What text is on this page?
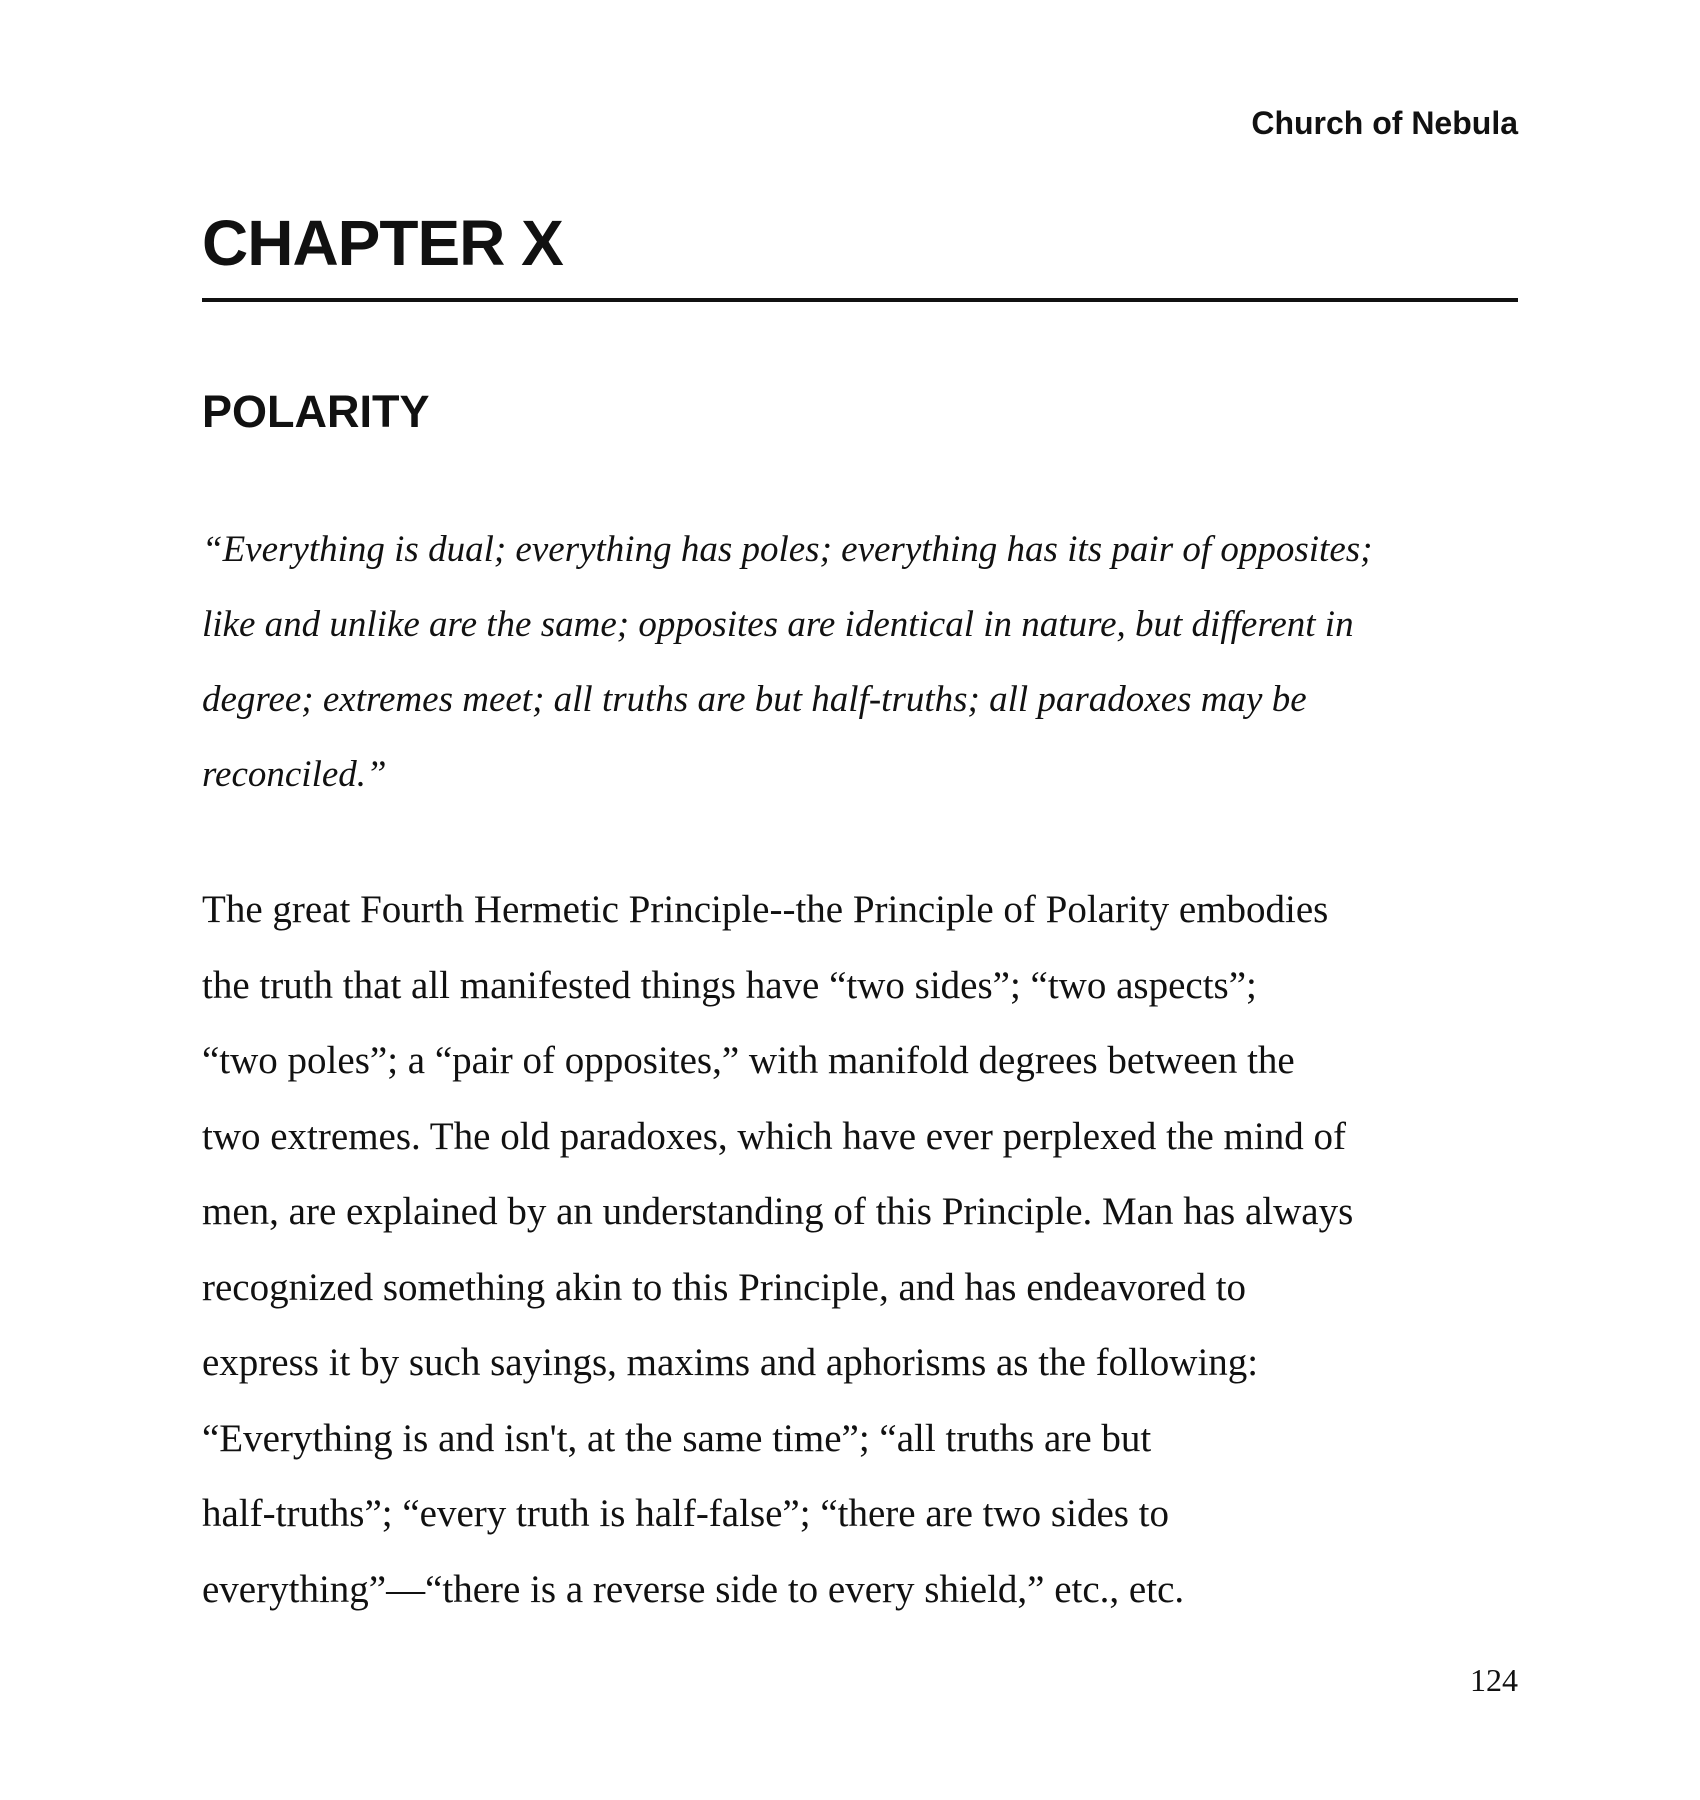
Church of Nebula
CHAPTER X
POLARITY
“Everything is dual; everything has poles; everything has its pair of opposites;
like and unlike are the same; opposites are identical in nature, but different in
degree; extremes meet; all truths are but half-truths; all paradoxes may be
reconciled.”
The great Fourth Hermetic Principle--the Principle of Polarity embodies
the truth that all manifested things have “two sides”; “two aspects”;
“two poles”; a “pair of opposites,” with manifold degrees between the
two extremes. The old paradoxes, which have ever perplexed the mind of
men, are explained by an understanding of this Principle. Man has always
recognized something akin to this Principle, and has endeavored to
express it by such sayings, maxims and aphorisms as the following:
“Everything is and isn't, at the same time”; “all truths are but
half-truths”; “every truth is half-false”; “there are two sides to
everything”—“there is a reverse side to every shield,” etc., etc.
124
